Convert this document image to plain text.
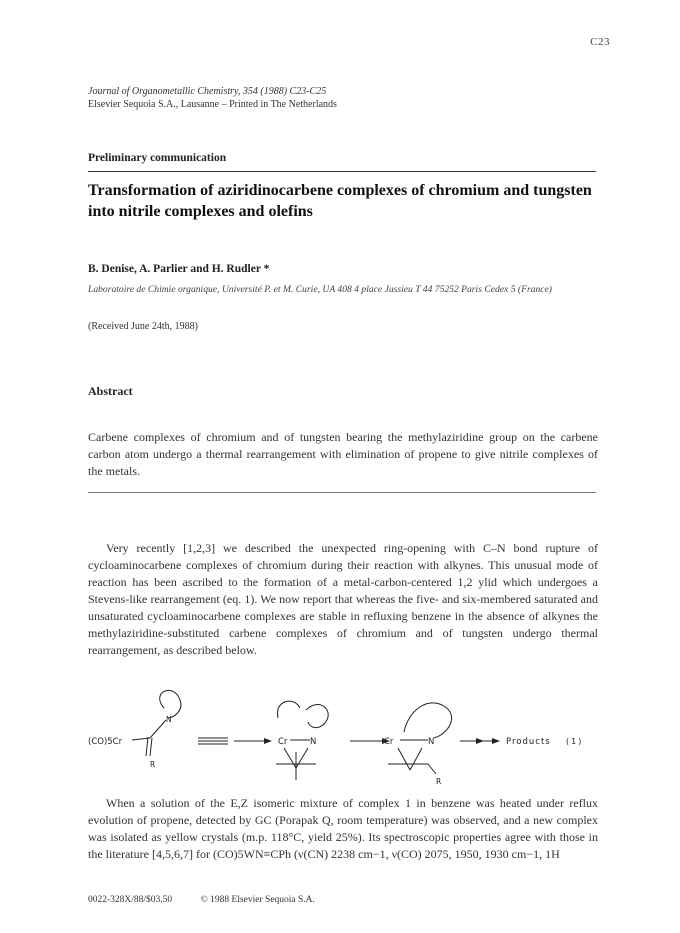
C23
Journal of Organometallic Chemistry, 354 (1988) C23-C25
Elsevier Sequoia S.A., Lausanne – Printed in The Netherlands
Preliminary communication
Transformation of aziridinocarbene complexes of chromium and tungsten into nitrile complexes and olefins
B. Denise, A. Parlier and H. Rudler *
Laboratoire de Chimie organique, Université P. et M. Curie, UA 408 4 place Jussieu T 44 75252 Paris Cedex 5 (France)
(Received June 24th, 1988)
Abstract
Carbene complexes of chromium and of tungsten bearing the methylaziridine group on the carbene carbon atom undergo a thermal rearrangement with elimination of propene to give nitrile complexes of the metals.
Very recently [1,2,3] we described the unexpected ring-opening with C–N bond rupture of cycloaminocarbene complexes of chromium during their reaction with alkynes. This unusual mode of reaction has been ascribed to the formation of a metal-carbon-centered 1,2 ylid which undergoes a Stevens-like rearrangement (eq. 1). We now report that whereas the five- and six-membered saturated and unsaturated cycloaminocarbene complexes are stable in refluxing benzene in the absence of alkynes the methylaziridine-substituted carbene complexes of chromium and of tungsten undergo thermal rearrangement, as described below.
(CO)5Cr
N
R
Cr	N	Cr	N
R
Products (1)
When a solution of the E,Z isomeric mixture of complex 1 in benzene was heated under reflux evolution of propene, detected by GC (Porapak Q, room temperature) was observed, and a new complex was isolated as yellow crystals (m.p. 118°C, yield 25%). Its spectroscopic properties agree with those in the literature [4,5,6,7] for (CO)5WN≡CPh (ν(CN) 2238 cm−1, ν(CO) 2075, 1950, 1930 cm−1, 1H
0022-328X/88/$03.50	© 1988 Elsevier Sequoia S.A.
